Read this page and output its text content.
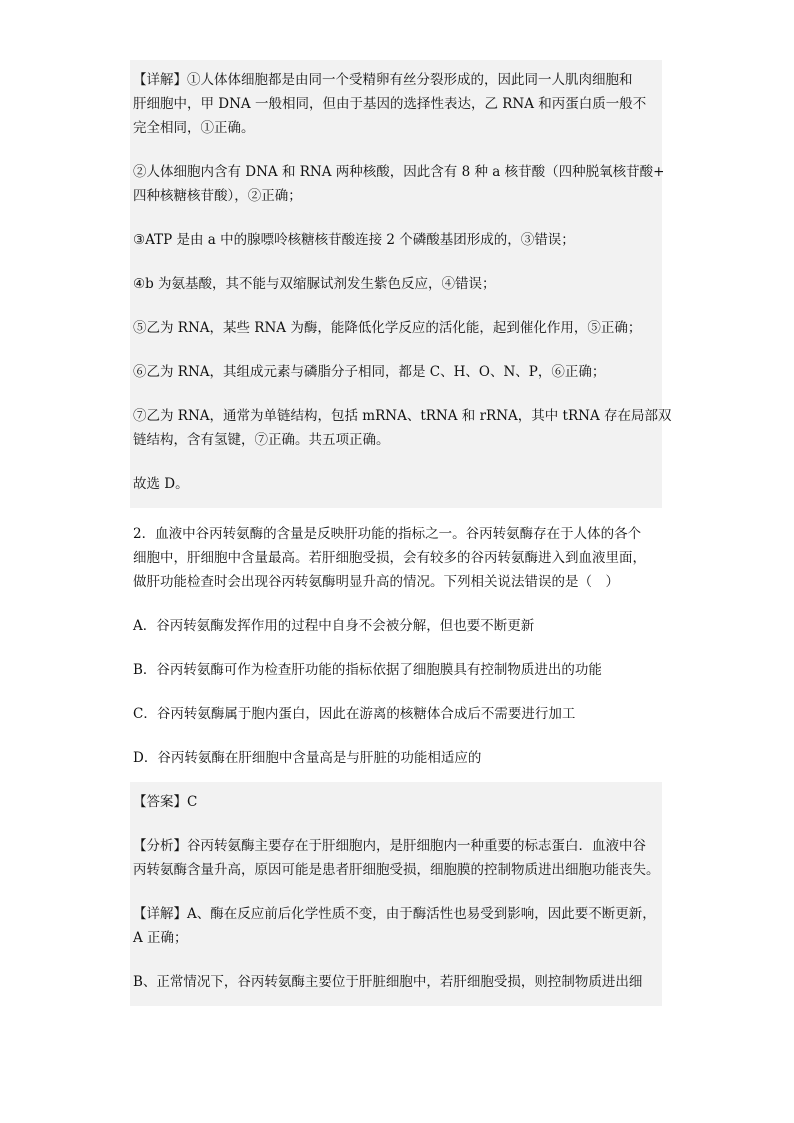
【详解】①人体体细胞都是由同一个受精卵有丝分裂形成的，因此同一人肌肉细胞和

肝细胞中，甲 DNA 一般相同，但由于基因的选择性表达，乙 RNA 和丙蛋白质一般不

完全相同，①正确。

②人体细胞内含有 DNA 和 RNA 两种核酸，因此含有 8 种 a 核苷酸（四种脱氧核苷酸+

四种核糖核苷酸），②正确；

③ATP 是由 a 中的腺嘌呤核糖核苷酸连接 2 个磷酸基团形成的，③错误；

④b 为氨基酸，其不能与双缩脲试剂发生紫色反应，④错误；

⑤乙为 RNA，某些 RNA 为酶，能降低化学反应的活化能，起到催化作用，⑤正确；

⑥乙为 RNA，其组成元素与磷脂分子相同，都是 C、H、O、N、P，⑥正确；

⑦乙为 RNA，通常为单链结构，包括 mRNA、tRNA 和 rRNA，其中 tRNA 存在局部双

链结构，含有氢键，⑦正确。共五项正确。

故选 D。

2．血液中谷丙转氨酶的含量是反映肝功能的指标之一。谷丙转氨酶存在于人体的各个

细胞中，肝细胞中含量最高。若肝细胞受损，会有较多的谷丙转氨酶进入到血液里面，

做肝功能检查时会出现谷丙转氨酶明显升高的情况。下列相关说法错误的是（　）

A．谷丙转氨酶发挥作用的过程中自身不会被分解，但也要不断更新

B．谷丙转氨酶可作为检查肝功能的指标依据了细胞膜具有控制物质进出的功能

C．谷丙转氨酶属于胞内蛋白，因此在游离的核糖体合成后不需要进行加工

D．谷丙转氨酶在肝细胞中含量高是与肝脏的功能相适应的

【答案】C

【分析】谷丙转氨酶主要存在于肝细胞内，是肝细胞内一种重要的标志蛋白．血液中谷

丙转氨酶含量升高，原因可能是患者肝细胞受损，细胞膜的控制物质进出细胞功能丧失。

【详解】A、酶在反应前后化学性质不变，由于酶活性也易受到影响，因此要不断更新，

A 正确；

B、正常情况下，谷丙转氨酶主要位于肝脏细胞中，若肝细胞受损，则控制物质进出细
